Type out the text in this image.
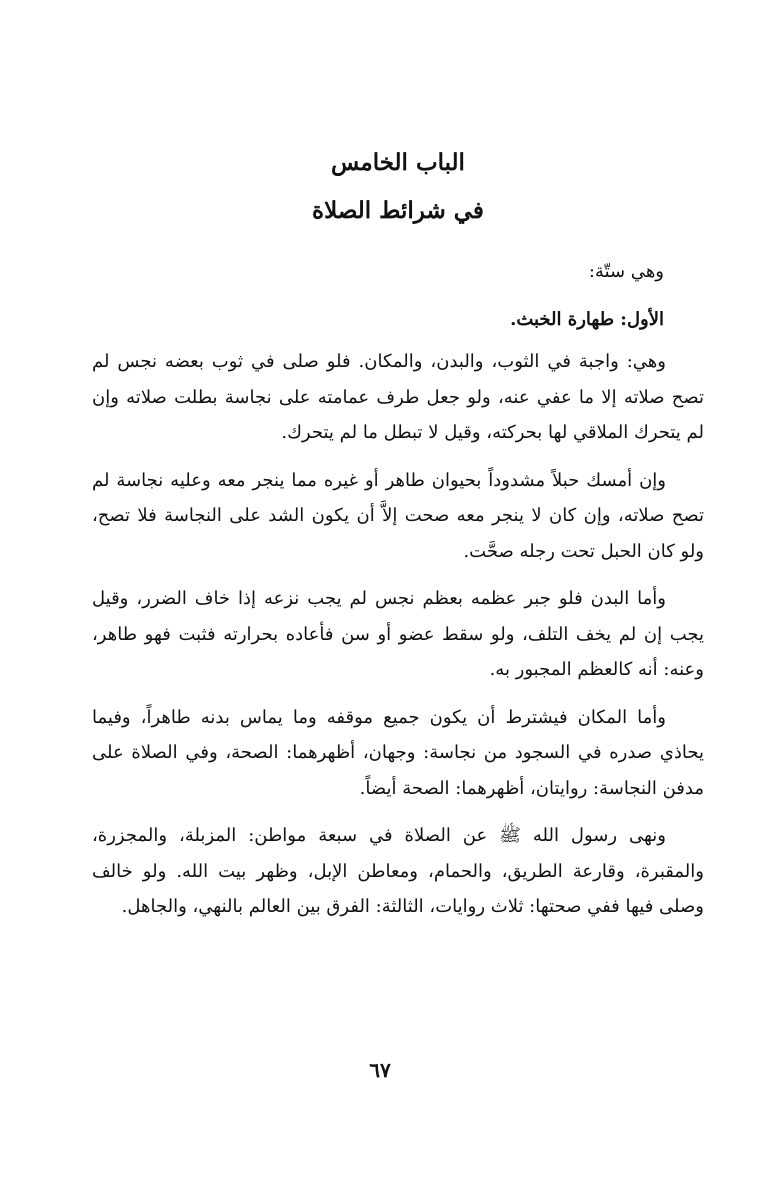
الباب الخامس
في شرائط الصلاة

وهي ستّة:

الأول: طهارة الخبث.

وهي: واجبة في الثوب، والبدن، والمكان. فلو صلى في ثوب بعضه نجس لم تصح صلاته إلا ما عفي عنه، ولو جعل طرف عمامته على نجاسة بطلت صلاته وإن لم يتحرك الملاقي لها بحركته، وقيل لا تبطل ما لم يتحرك.

وإن أمسك حبلاً مشدوداً بحيوان طاهر أو غيره مما ينجر معه وعليه نجاسة لم تصح صلاته، وإن كان لا ينجر معه صحت إلاَّ أن يكون الشد على النجاسة فلا تصح، ولو كان الحبل تحت رجله صحَّت.

وأما البدن فلو جبر عظمه بعظم نجس لم يجب نزعه إذا خاف الضرر، وقيل يجب إن لم يخف التلف، ولو سقط عضو أو سن فأعاده بحرارته فثبت فهو طاهر، وعنه: أنه كالعظم المجبور به.

وأما المكان فيشترط أن يكون جميع موقفه وما يماس بدنه طاهراً، وفيما يحاذي صدره في السجود من نجاسة: وجهان، أظهرهما: الصحة، وفي الصلاة على مدفن النجاسة: روايتان، أظهرهما: الصحة أيضاً.

ونهى رسول الله ﷺ عن الصلاة في سبعة مواطن: المزبلة، والمجزرة، والمقبرة، وقارعة الطريق، والحمام، ومعاطن الإبل، وظهر بيت الله. ولو خالف وصلى فيها ففي صحتها: ثلاث روايات، الثالثة: الفرق بين العالم بالنهي، والجاهل.

٦٧
